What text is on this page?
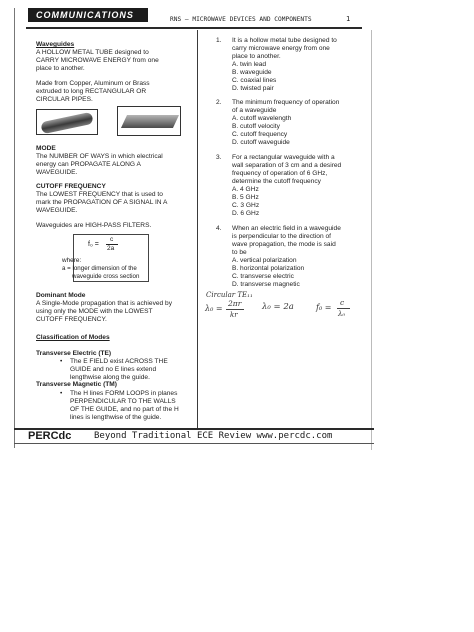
COMMUNICATIONS	RNS – MICROWAVE DEVICES AND COMPONENTS	1
Waveguides
A HOLLOW METAL TUBE designed to
CARRY MICROWAVE ENERGY from one
place to another.
Made from Copper, Aluminum or Brass
extruded to long RECTANGULAR OR
CIRCULAR PIPES.
MODE
The NUMBER OF WAYS in which electrical
energy can PROPAGATE ALONG A
WAVEGUIDE.
CUTOFF FREQUENCY
The LOWEST FREQUENCY that is used to
mark the PROPAGATION OF A SIGNAL IN A
WAVEGUIDE.
Waveguides are HIGH-PASS FILTERS.
f₀ =
c
2a
where:
a = longer dimension of the
waveguide cross section
Dominant Mode
A Single-Mode propagation that is achieved by
using only the MODE with the LOWEST
CUTOFF FREQUENCY.
Classification of Modes
Transverse Electric (TE)
• The E FIELD exist ACROSS THE
GUIDE and no E lines extend
lengthwise along the guide.
Transverse Magnetic (TM)
• The H lines FORM LOOPS in planes
PERPENDICULAR TO THE WALLS
OF THE GUIDE, and no part of the H
lines is lengthwise of the guide.
1. It is a hollow metal tube designed to
carry microwave energy from one
place to another.
A. twin lead
B. waveguide
C. coaxial lines
D. twisted pair
2. The minimum frequency of operation
of a waveguide
A. cutoff wavelength
B. cutoff velocity
C. cutoff frequency
D. cutoff waveguide
3. For a rectangular waveguide with a
wall separation of 3 cm and a desired
frequency of operation of 6 GHz,
determine the cutoff frequency
A. 4 GHz
B. 5 GHz
C. 3 GHz
D. 6 GHz
4. When an electric field in a waveguide
is perpendicular to the direction of
wave propagation, the mode is said
to be
A. vertical polarization
B. horizontal polarization
C. transverse electric
D. transverse magnetic
Circular TE₁₁
λ₀ =
2πr
kr
λ₀ = 2a	f₀ =
c
λ₀
PERCdc	Beyond Traditional ECE Review www.percdc.com
